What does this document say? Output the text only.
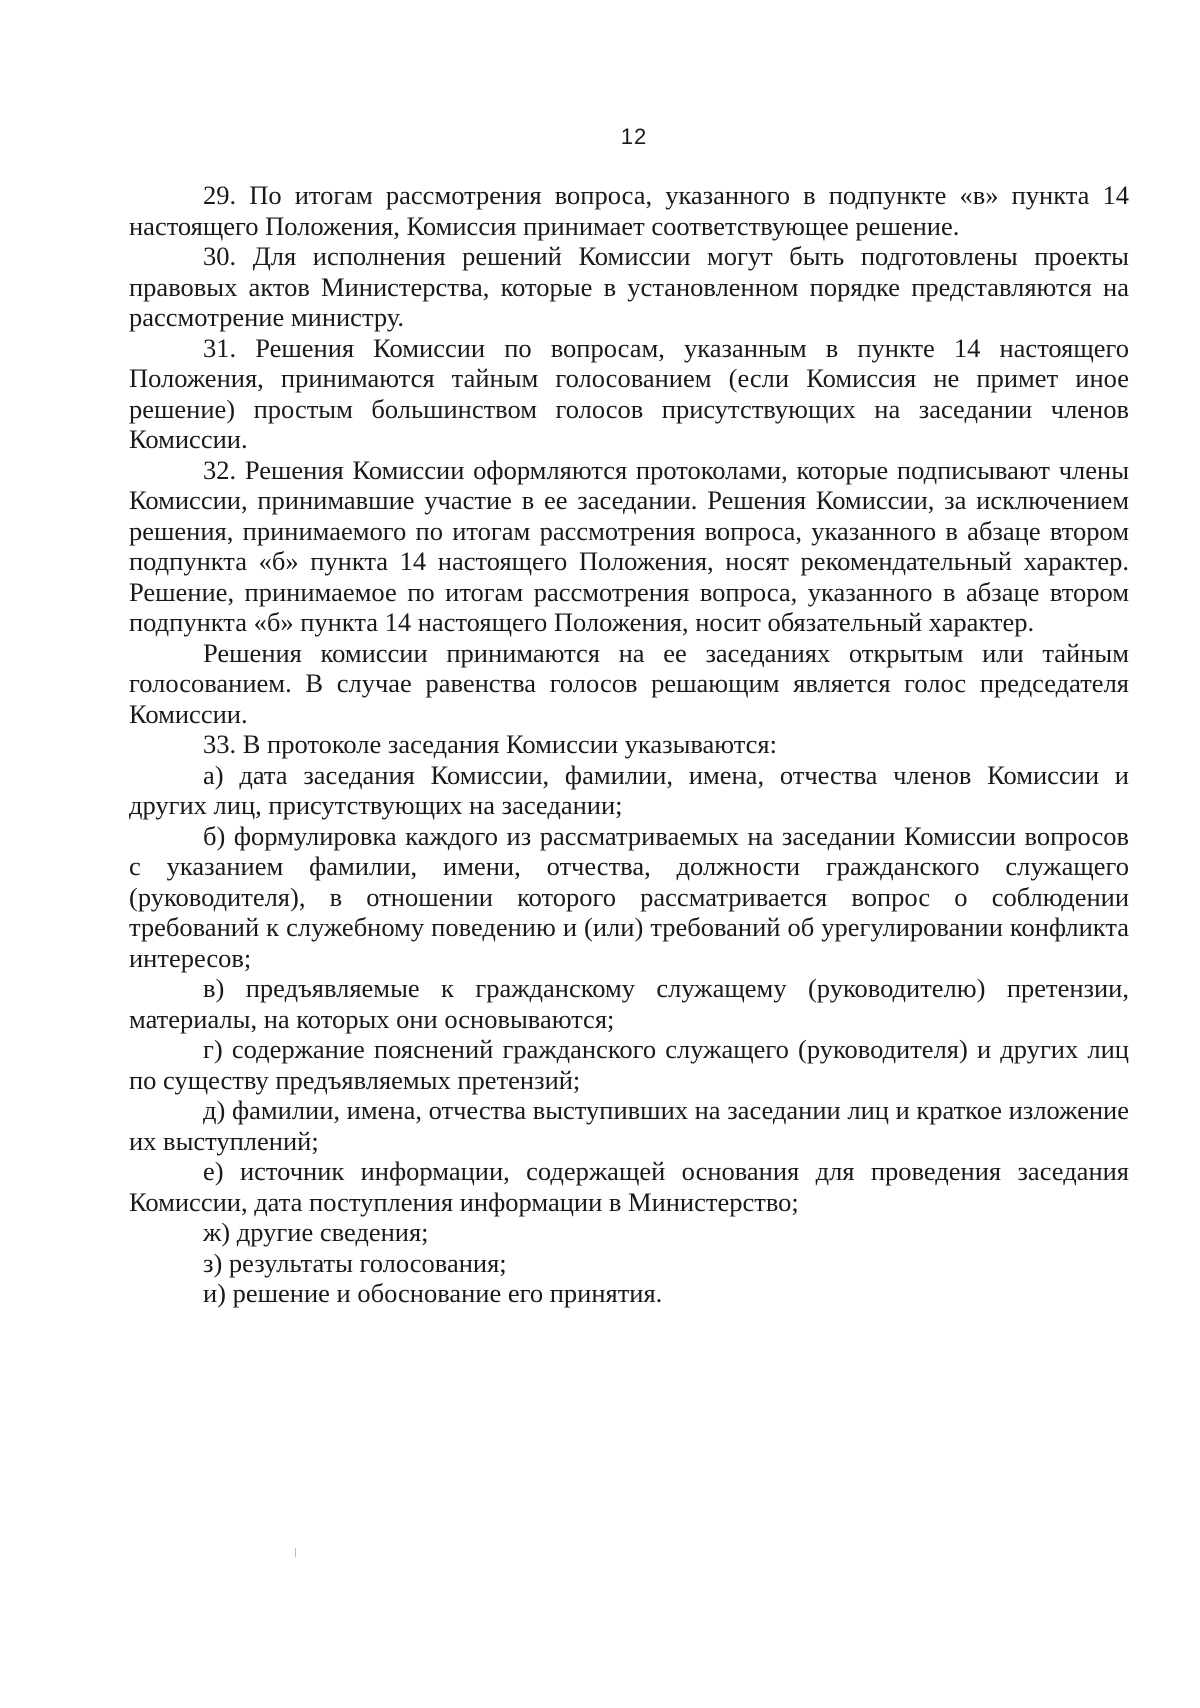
12

29. По итогам рассмотрения вопроса, указанного в подпункте «в» пункта 14 настоящего Положения, Комиссия принимает соответствующее решение.

30. Для исполнения решений Комиссии могут быть подготовлены проекты правовых актов Министерства, которые в установленном порядке представляются на рассмотрение министру.

31. Решения Комиссии по вопросам, указанным в пункте 14 настоящего Положения, принимаются тайным голосованием (если Комиссия не примет иное решение) простым большинством голосов присутствующих на заседании членов Комиссии.

32. Решения Комиссии оформляются протоколами, которые подписывают члены Комиссии, принимавшие участие в ее заседании. Решения Комиссии, за исключением решения, принимаемого по итогам рассмотрения вопроса, указанного в абзаце втором подпункта «б» пункта 14 настоящего Положения, носят рекомендательный характер. Решение, принимаемое по итогам рассмотрения вопроса, указанного в абзаце втором подпункта «б» пункта 14 настоящего Положения, носит обязательный характер.

Решения комиссии принимаются на ее заседаниях открытым или тайным голосованием. В случае равенства голосов решающим является голос председателя Комиссии.

33. В протоколе заседания Комиссии указываются:

а) дата заседания Комиссии, фамилии, имена, отчества членов Комиссии и других лиц, присутствующих на заседании;

б) формулировка каждого из рассматриваемых на заседании Комиссии вопросов с указанием фамилии, имени, отчества, должности гражданского служащего (руководителя), в отношении которого рассматривается вопрос о соблюдении требований к служебному поведению и (или) требований об урегулировании конфликта интересов;

в) предъявляемые к гражданскому служащему (руководителю) претензии, материалы, на которых они основываются;

г) содержание пояснений гражданского служащего (руководителя) и других лиц по существу предъявляемых претензий;

д) фамилии, имена, отчества выступивших на заседании лиц и краткое изложение их выступлений;

е) источник информации, содержащей основания для проведения заседания Комиссии, дата поступления информации в Министерство;

ж) другие сведения;

з) результаты голосования;

и) решение и обоснование его принятия.
